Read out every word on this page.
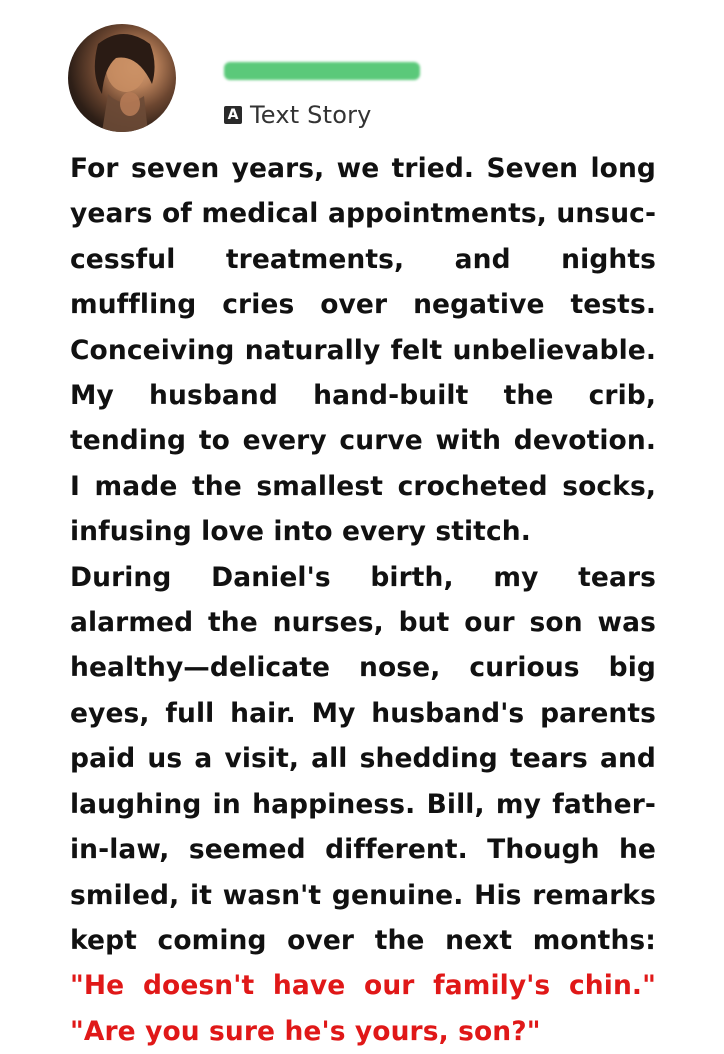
A Text Story

For seven years, we tried. Seven long years of medical appointments, unsuccessful treatments, and nights muffling cries over negative tests. Conceiving naturally felt unbelievable. My husband hand-built the crib, tending to every curve with devotion. I made the smallest crocheted socks, infusing love into every stitch.

During Daniel's birth, my tears alarmed the nurses, but our son was healthy—delicate nose, curious big eyes, full hair. My husband's parents paid us a visit, all shedding tears and laughing in happiness. Bill, my father-in-law, seemed different. Though he smiled, it wasn't genuine. His remarks kept coming over the next months: "He doesn't have our family's chin." "Are you sure he's yours, son?"
